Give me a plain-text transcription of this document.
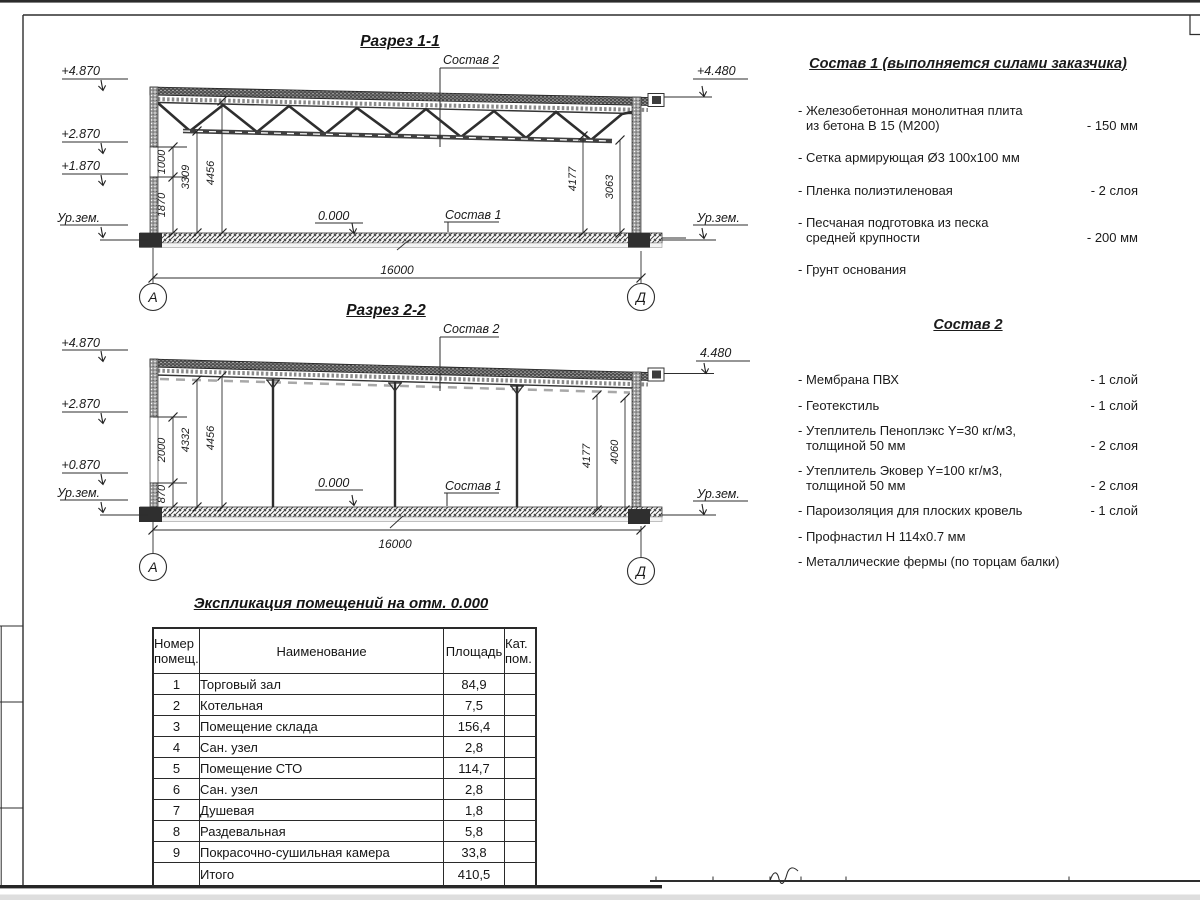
+4.870
+2.870
+1.870
Ур.зем.
+4.480
Ур.зем.
0.000
Состав 2
Состав 1
1870
1000
3309 4456	4177 3063
16000
А	Д
+4.870
+2.870
+0.870
Ур.зем.
4.480
Ур.зем.
0.000
Состав 2
Состав 1
870
2000 4332 4456
4177 4060
16000
А	Д
Разрез 1-1
Разрез 2-2
Состав 1 (выполняется силами заказчика)
- Железобетонная монолитная плита
из бетона В 15 (М200)	- 150 мм
- Сетка армирующая Ø3 100х100 мм
- Пленка полиэтиленовая	- 2 слоя
- Песчаная подготовка из песка
средней крупности	- 200 мм
- Грунт основания
Состав 2
- Мембрана ПВХ	- 1 слой
- Геотекстиль	- 1 слой
- Утеплитель Пеноплэкс Y=30 кг/м3,
толщиной 50 мм	- 2 слоя
- Утеплитель Эковер Y=100 кг/м3,
толщиной 50 мм	- 2 слоя
- Пароизоляция для плоских кровель	- 1 слой
- Профнастил Н 114х0.7 мм
- Металлические фермы (по торцам балки)
Экспликация помещений на отм. 0.000
Номер
помещ.	Наименование	Площадь	Кат.
пом.

1	Торговый зал	84,9	
2	Котельная	7,5	
3	Помещение склада	156,4	
4	Сан. узел	2,8	
5	Помещение СТО	114,7	
6	Сан. узел	2,8	
7	Душевая	1,8	
8	Раздевальная	5,8	
9	Покрасочно-сушильная камера	33,8	
	Итого	410,5	
